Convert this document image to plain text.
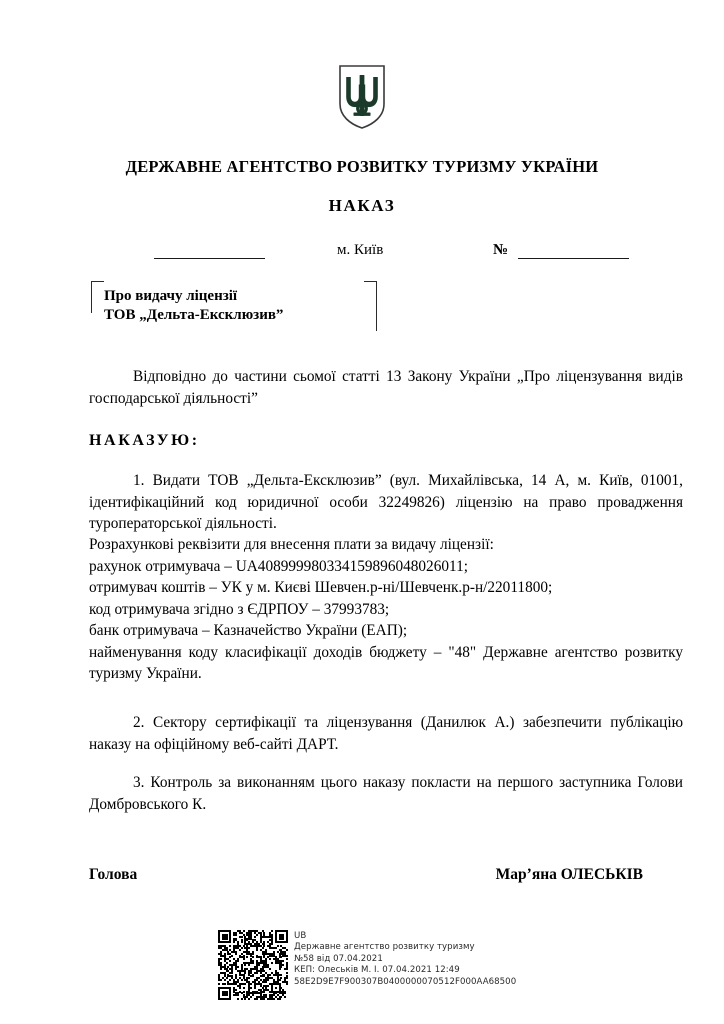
ДЕРЖАВНЕ АГЕНТСТВО РОЗВИТКУ ТУРИЗМУ УКРАЇНИ
НАКАЗ
м. Київ	№
Про видачу ліцензії
ТОВ „Дельта-Ексклюзив”

Відповідно до частини сьомої статті 13 Закону України „Про ліцензування видів господарської діяльності”

НАКАЗУЮ:

1. Видати ТОВ „Дельта-Ексклюзив” (вул. Михайлівська, 14 А, м. Київ, 01001, ідентифікаційний код юридичної особи 32249826) ліцензію на право провадження туроператорської діяльності.

Розрахункові реквізити для внесення плати за видачу ліцензії:
рахунок отримувача – UA408999980334159896048026011;
отримувач коштів – УК у м. Києві Шевчен.р-ні/Шевченк.р-н/22011800;
код отримувача згідно з ЄДРПОУ – 37993783;
банк отримувача – Казначейство України (ЕАП);
найменування коду класифікації доходів бюджету – "48" Державне агентство розвитку туризму України.

2. Сектору сертифікації та ліцензування (Данилюк А.) забезпечити публікацію наказу на офіційному веб-сайті ДАРТ.

3. Контроль за виконанням цього наказу покласти на першого заступника Голови Домбровського К.

Голова	Мар’яна ОЛЕСЬКІВ
UB
Державне агентство розвитку туризму
№58 від 07.04.2021
КЕП: Олеськів М. І. 07.04.2021 12:49
58E2D9E7F900307B0400000070512F000AA68500
